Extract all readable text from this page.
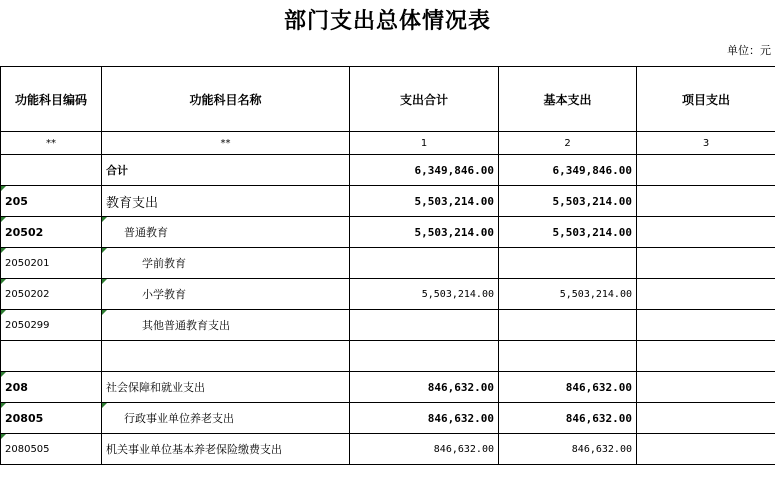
部门支出总体情况表
单位：元
功能科目编码	功能科目名称	支出合计	基本支出	项目支出
**	**	1	2	3
	合计	6,349,846.00	6,349,846.00	

205	教育支出	5,503,214.00	5,503,214.00	

20502	普通教育	5,503,214.00	5,503,214.00	

2050201	学前教育			

2050202	小学教育	5,503,214.00	5,503,214.00	

2050299	其他普通教育支出			

208	社会保障和就业支出	846,632.00	846,632.00	

20805	行政事业单位养老支出	846,632.00	846,632.00	

2080505	机关事业单位基本养老保险缴费支出	846,632.00	846,632.00	
